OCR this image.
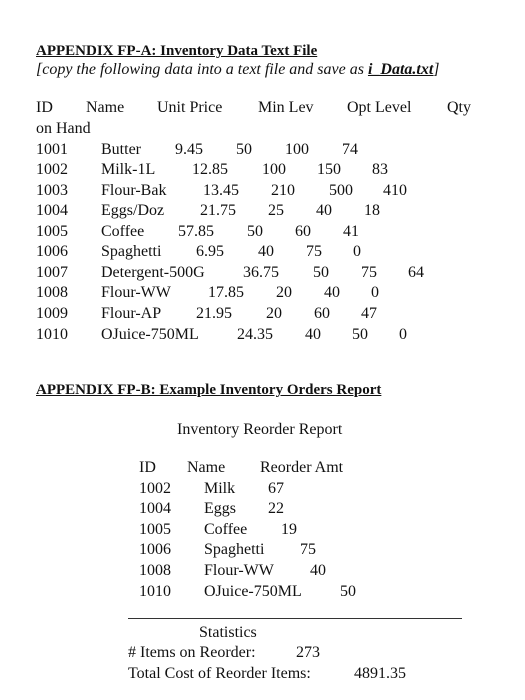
APPENDIX FP-A: Inventory Data Text File
[copy the following data into a text file and save as i_Data.txt]
ID Name Unit Price Min Lev Opt Level Qty
on Hand
1001 Butter 9.45 50 100 74
1002 Milk-1L 12.85 100 150 83
1003 Flour-Bak 13.45 210 500 410
1004 Eggs/Doz 21.75 25 40 18
1005 Coffee 57.85 50 60 41
1006 Spaghetti 6.95 40 75 0
1007 Detergent-500G 36.75 50 75 64
1008 Flour-WW 17.85 20 40 0
1009 Flour-AP 21.95 20 60 47
1010 OJuice-750ML 24.35 40 50 0
APPENDIX FP-B: Example Inventory Orders Report
Inventory Reorder Report
ID Name Reorder Amt
1002 Milk 67
1004 Eggs 22
1005 Coffee 19
1006 Spaghetti 75
1008 Flour-WW 40
1010 OJuice-750ML 50
Statistics
# Items on Reorder:	273
Total Cost of Reorder Items:	4891.35
